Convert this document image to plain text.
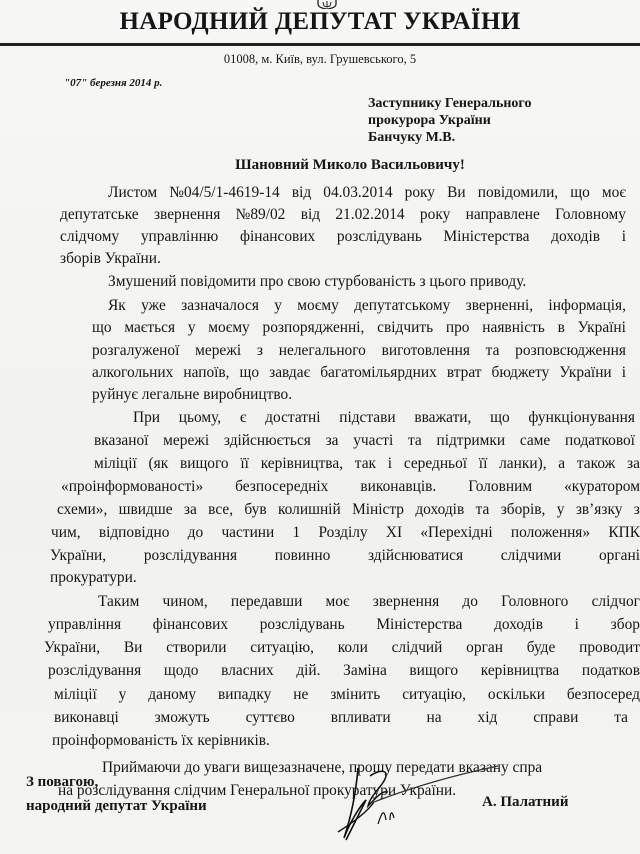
НАРОДНИЙ ДЕПУТАТ УКРАЇНИ
01008, м. Київ, вул. Грушевського, 5
"07" березня 2014 р.
Заступнику Генерального
прокурора України
Банчуку М.В.
Шановний Миколо Васильовичу!
Листом №04/5/1-4619-14 від 04.03.2014 року Ви повідомили, що моє
депутатське звернення №89/02 від 21.02.2014 року направлене Головному
слідчому управлінню фінансових розслідувань Міністерства доходів і
зборів України.
Змушений повідомити про свою стурбованість з цього приводу.
Як уже зазначалося у моєму депутатському зверненні, інформація,
що мається у моєму розпорядженні, свідчить про наявність в Україні
розгалуженої мережі з нелегального виготовлення та розповсюдження
алкогольних напоїв, що завдає багатомільярдних втрат бюджету України і
руйнує легальне виробництво.
При цьому, є достатні підстави вважати, що функціонування
вказаної мережі здійснюється за участі та підтримки саме податкової
міліції (як вищого її керівництва, так і середньої її ланки), а також за
«проінформованості» безпосередніх виконавців. Головним «куратором
схеми», швидше за все, був колишній Міністр доходів та зборів, у зв’язку з
чим, відповідно до частини 1 Розділу XI «Перехідні положення» КПК
України, розслідування повинно здійснюватися слідчими органі
прокуратури.
Таким чином, передавши моє звернення до Головного слідчог
управління фінансових розслідувань Міністерства доходів і збор
України, Ви створили ситуацію, коли слідчий орган буде проводит
розслідування щодо власних дій. Заміна вищого керівництва податков
міліції у даному випадку не змінить ситуацію, оскільки безпосеред
виконавці зможуть суттєво впливати на хід справи та
проінформованість їх керівників.
Приймаючи до уваги вищезазначене, прошу передати вказану спра
на розслідування слідчим Генеральної прокуратури України.
З повагою,
народний депутат України	А. Палатний
